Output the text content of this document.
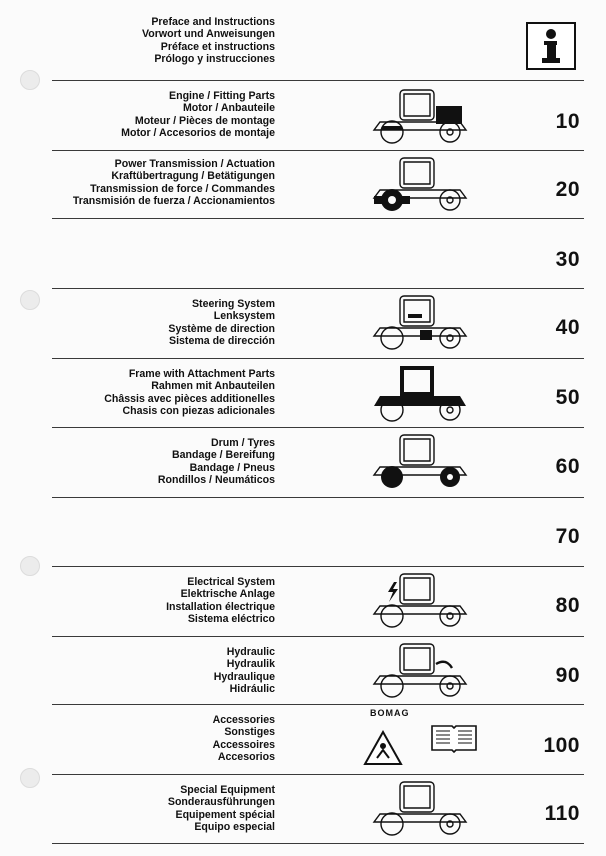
Preface and Instructions
Vorwort und Anweisungen
Préface et instructions
Prólogo y instrucciones
Engine / Fitting Parts
Motor / Anbauteile
Moteur / Pièces de montage
Motor / Accesorios de montaje
10
Power Transmission / Actuation
Kraftübertragung / Betätigungen
Transmission de force / Commandes
Transmisión de fuerza / Accionamientos
20
30
Steering System
Lenksystem
Système de direction
Sistema de dirección
40
Frame with Attachment Parts
Rahmen mit Anbauteilen
Châssis avec pièces additionelles
Chasis con piezas adicionales
50
Drum / Tyres
Bandage / Bereifung
Bandage / Pneus
Rondillos / Neumáticos
60
70
Electrical System
Elektrische Anlage
Installation électrique
Sistema eléctrico
80
Hydraulic
Hydraulik
Hydraulique
Hidráulic
90
BOMAG
Accessories
Sonstiges
Accessoires
Accesorios
100
Special Equipment
Sonderausführungen
Equipement spécial
Equipo especial
110
